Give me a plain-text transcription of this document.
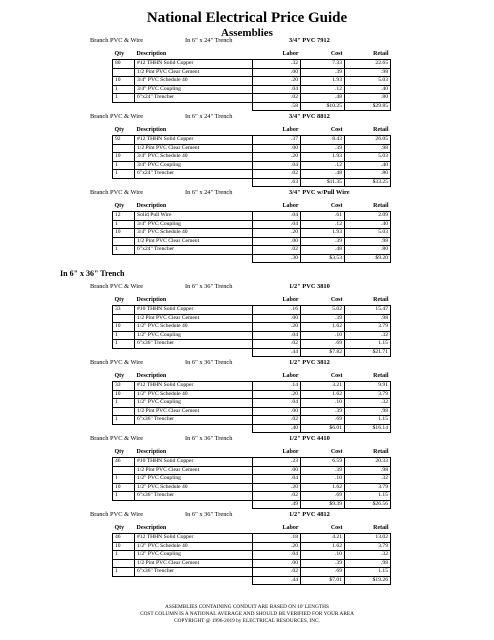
National Electrical Price Guide
Assemblies
Branch PVC & Wire	In 6" x 24" Trench	3/4" PVC 7912
Qty	Description	Labor	Cost	Retail
80	#12 THHN Solid Copper	.32	7.33	22.65
	1/2 Pint PVC Clear Cement	.00	.39	.98
10	3/4" PVC Schedule 40	.20	1.93	5.03
1	3/4" PVC Coupling	.04	.12	.40
1	6"x24" Trencher	.02	.48	.80
		.58	$10.25	$29.85
Branch PVC & Wire	In 6" x 24" Trench	3/4" PVC 8812
Qty	Description	Labor	Cost	Retail
92	#12 THHN Solid Copper	.37	8.43	26.05
	1/2 Pint PVC Clear Cement	.00	.39	.98
10	3/4" PVC Schedule 40	.20	1.93	5.03
1	3/4" PVC Coupling	.04	.12	.40
1	6"x24" Trencher	.02	.48	.80
		.63	$11.35	$33.25
Branch PVC & Wire	In 6" x 24" Trench	3/4" PVC w/Pull Wire
Qty	Description	Labor	Cost	Retail
12	Solid Pull Wire	.04	.61	2.09
1	3/4" PVC Coupling	.04	.12	.40
10	3/4" PVC Schedule 40	.20	1.93	5.03
	1/2 Pint PVC Clear Cement	.00	.39	.98
1	6"x24" Trencher	.02	.48	.80
		.30	$3.53	$9.20
Branch PVC & Wire	In 6" x 36" Trench	1/2" PVC 3810
Qty	Description	Labor	Cost	Retail
33	#10 THHN Solid Copper	.16	5.02	15.47
	1/2 Pint PVC Clear Cement	.00	.39	.98
10	1/2" PVC Schedule 40	.20	1.62	3.79
1	1/2" PVC Coupling	.04	.10	.32
1	6"x36" Trencher	.02	.69	1.15
		.44	$7.82	$21.71
Branch PVC & Wire	In 6" x 36" Trench	1/2" PVC 3812
Qty	Description	Labor	Cost	Retail
33	#12 THHN Solid Copper	.14	3.21	9.91
10	1/2" PVC Schedule 40	.20	1.62	3.79
1	1/2" PVC Coupling	.04	.10	.32
	1/2 Pint PVC Clear Cement	.00	.39	.98
1	6"x36" Trencher	.02	.69	1.15
		.40	$6.01	$16.14
Branch PVC & Wire	In 6" x 36" Trench	1/2" PVC 4410
Qty	Description	Labor	Cost	Retail
46	#10 THHN Solid Copper	.23	6.59	20.33
	1/2 Pint PVC Clear Cement	.00	.39	.98
1	1/2" PVC Coupling	.04	.10	.32
10	1/2" PVC Schedule 40	.20	1.62	3.79
1	6"x36" Trencher	.02	.69	1.15
		.49	$9.39	$26.56
Branch PVC & Wire	In 6" x 36" Trench	1/2" PVC 4812
Qty	Description	Labor	Cost	Retail
46	#12 THHN Solid Copper	.18	4.21	13.02
10	1/2" PVC Schedule 40	.20	1.62	3.79
1	1/2" PVC Coupling	.04	.10	.32
	1/2 Pint PVC Clear Cement	.00	.39	.98
1	6"x36" Trencher	.02	.69	1.15
		.44	$7.01	$19.26
In 6" x 36" Trench
ASSEMBLIES CONTAINING CONDUIT ARE BASED ON 10' LENGTHS
COST COLUMN IS A NATIONAL AVERAGE AND SHOULD BE VERIFIED FOR YOUR AREA
COPYRIGHT @ 1996-2019 by ELECTRICAL RESOURCES, INC.
